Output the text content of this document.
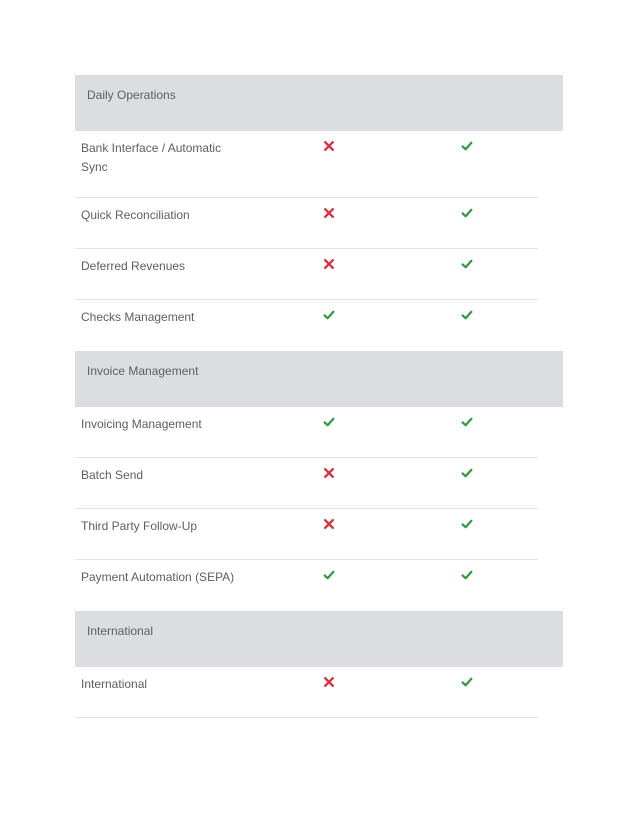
Daily Operations
Bank Interface / Automatic Sync
Quick Reconciliation
Deferred Revenues
Checks Management
Invoice Management
Invoicing Management
Batch Send
Third Party Follow-Up
Payment Automation (SEPA)
International
International
